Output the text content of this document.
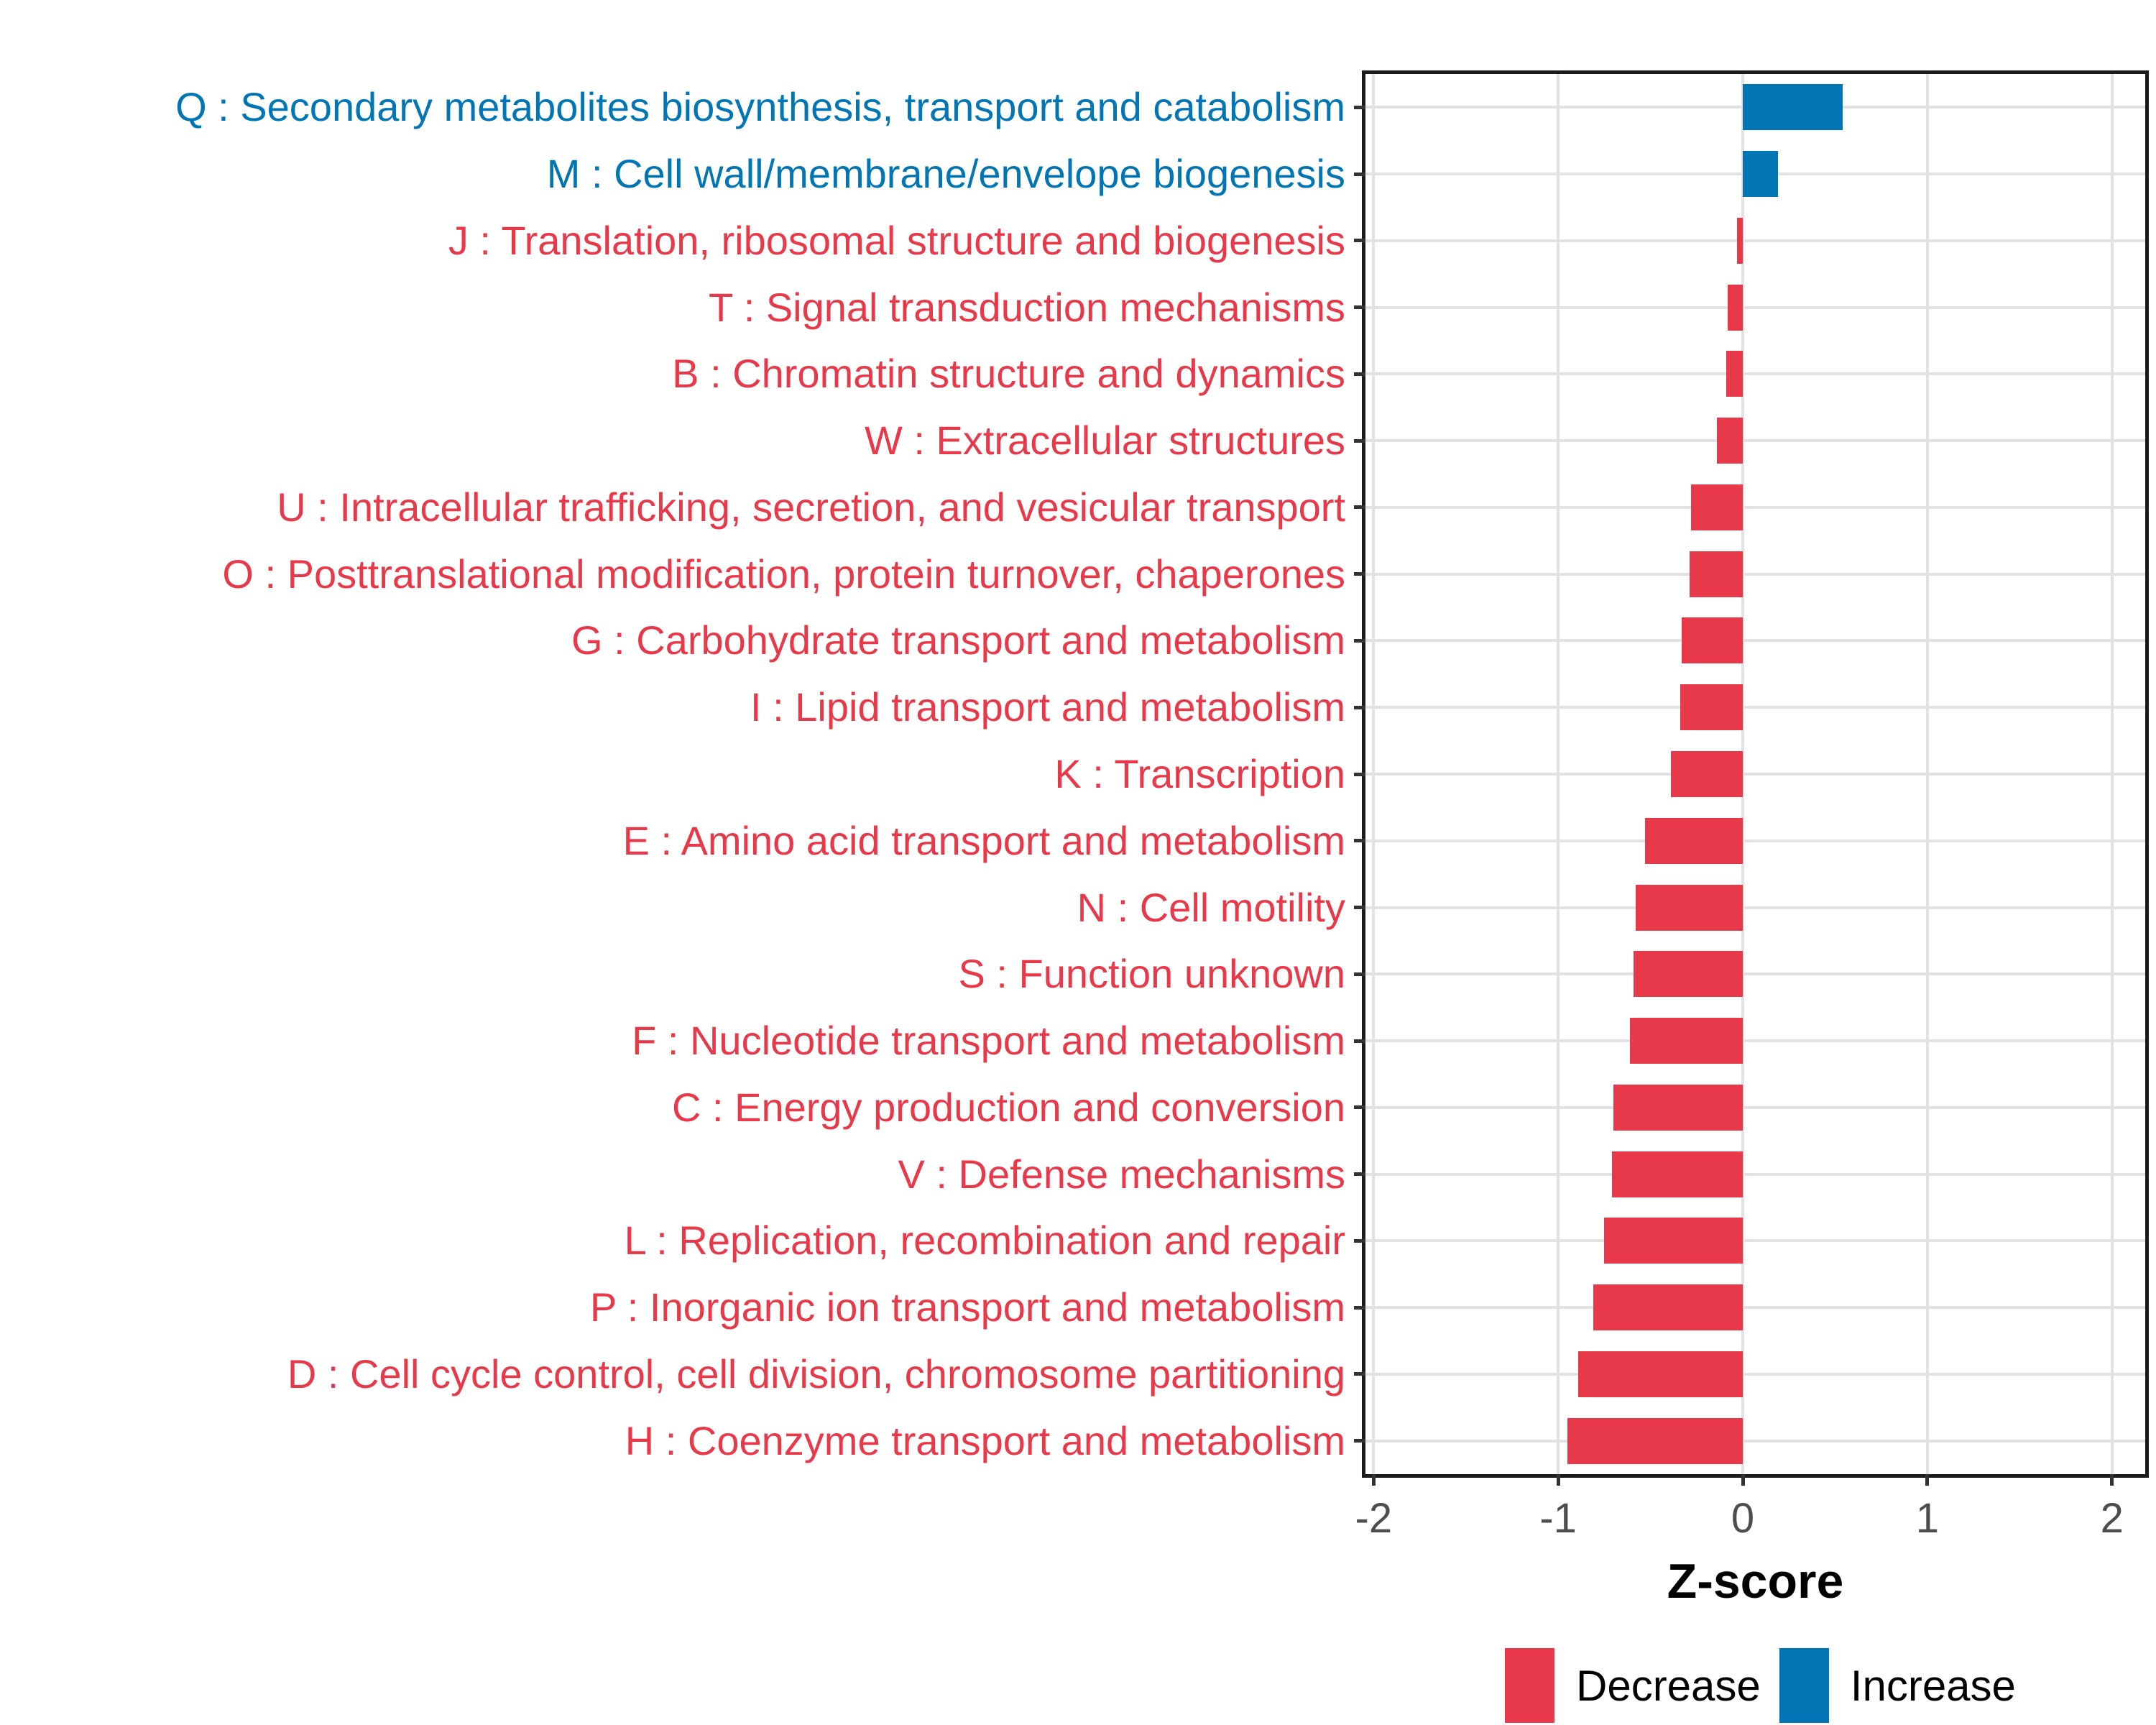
-2	-1	0	1	2
Q : Secondary metabolites biosynthesis, transport and catabolism
M : Cell wall/membrane/envelope biogenesis
J : Translation, ribosomal structure and biogenesis
T : Signal transduction mechanisms
B : Chromatin structure and dynamics
W : Extracellular structures
U : Intracellular trafficking, secretion, and vesicular transport
O : Posttranslational modification, protein turnover, chaperones
G : Carbohydrate transport and metabolism
I : Lipid transport and metabolism
K : Transcription
E : Amino acid transport and metabolism
N : Cell motility
S : Function unknown
F : Nucleotide transport and metabolism
C : Energy production and conversion
V : Defense mechanisms
L : Replication, recombination and repair
P : Inorganic ion transport and metabolism
D : Cell cycle control, cell division, chromosome partitioning
H : Coenzyme transport and metabolism
Z-score
Decrease Increase
